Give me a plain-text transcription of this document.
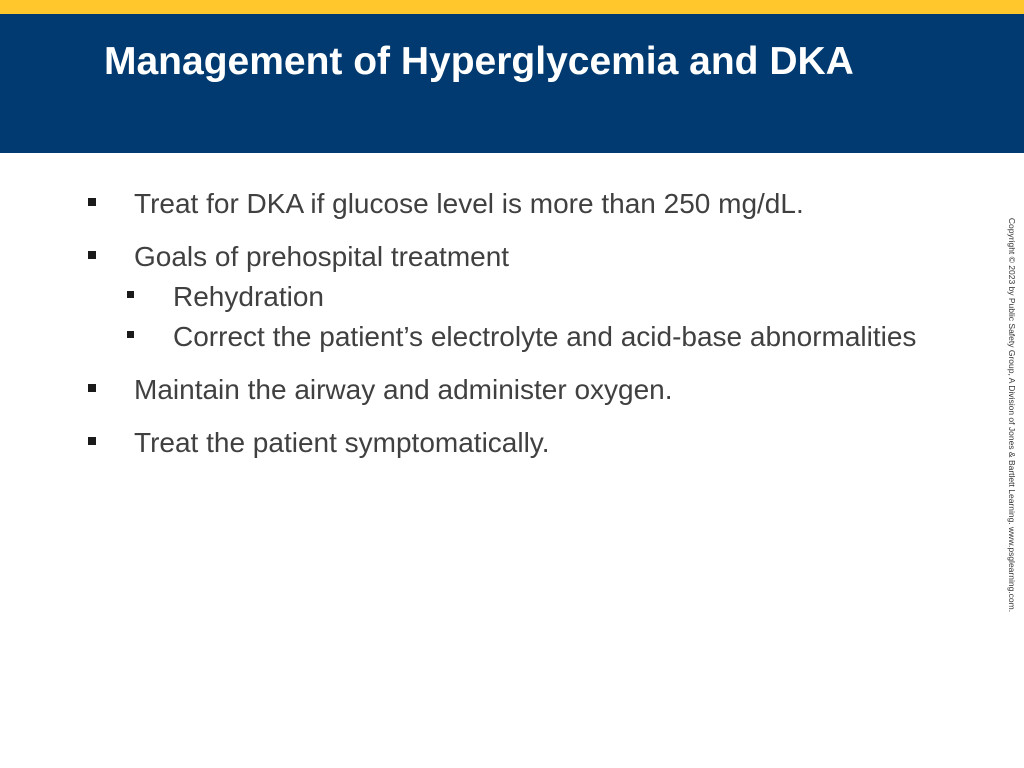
Management of Hyperglycemia and DKA
Treat for DKA if glucose level is more than 250 mg/dL.
Goals of prehospital treatment
Rehydration
Correct the patient’s electrolyte and acid-base abnormalities
Maintain the airway and administer oxygen.
Treat the patient symptomatically.	Copyright © 2023 by Public Safety Group, A Division of Jones & Bartlett Learning. www.psglearning.com.
